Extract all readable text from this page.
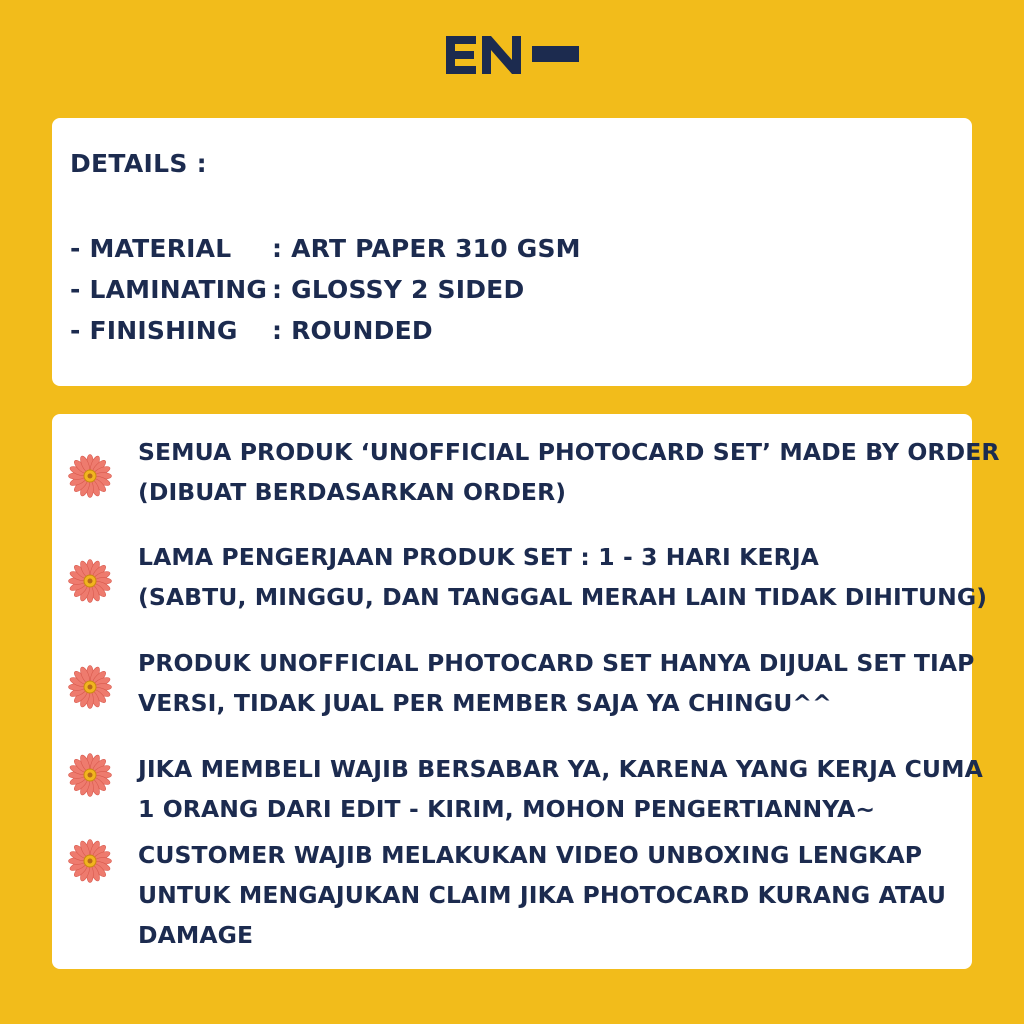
DETAILS :
- MATERIAL	: ART PAPER 310 GSM
- LAMINATING : GLOSSY 2 SIDED
- FINISHING	: ROUNDED
SEMUA PRODUK ‘UNOFFICIAL PHOTOCARD SET’ MADE BY ORDER
(DIBUAT BERDASARKAN ORDER)
LAMA PENGERJAAN PRODUK SET : 1 - 3 HARI KERJA
(SABTU, MINGGU, DAN TANGGAL MERAH LAIN TIDAK DIHITUNG)
PRODUK UNOFFICIAL PHOTOCARD SET HANYA DIJUAL SET TIAP
VERSI, TIDAK JUAL PER MEMBER SAJA YA CHINGU^^
JIKA MEMBELI WAJIB BERSABAR YA, KARENA YANG KERJA CUMA
1 ORANG DARI EDIT - KIRIM, MOHON PENGERTIANNYA~
CUSTOMER WAJIB MELAKUKAN VIDEO UNBOXING LENGKAP
UNTUK MENGAJUKAN CLAIM JIKA PHOTOCARD KURANG ATAU
DAMAGE
